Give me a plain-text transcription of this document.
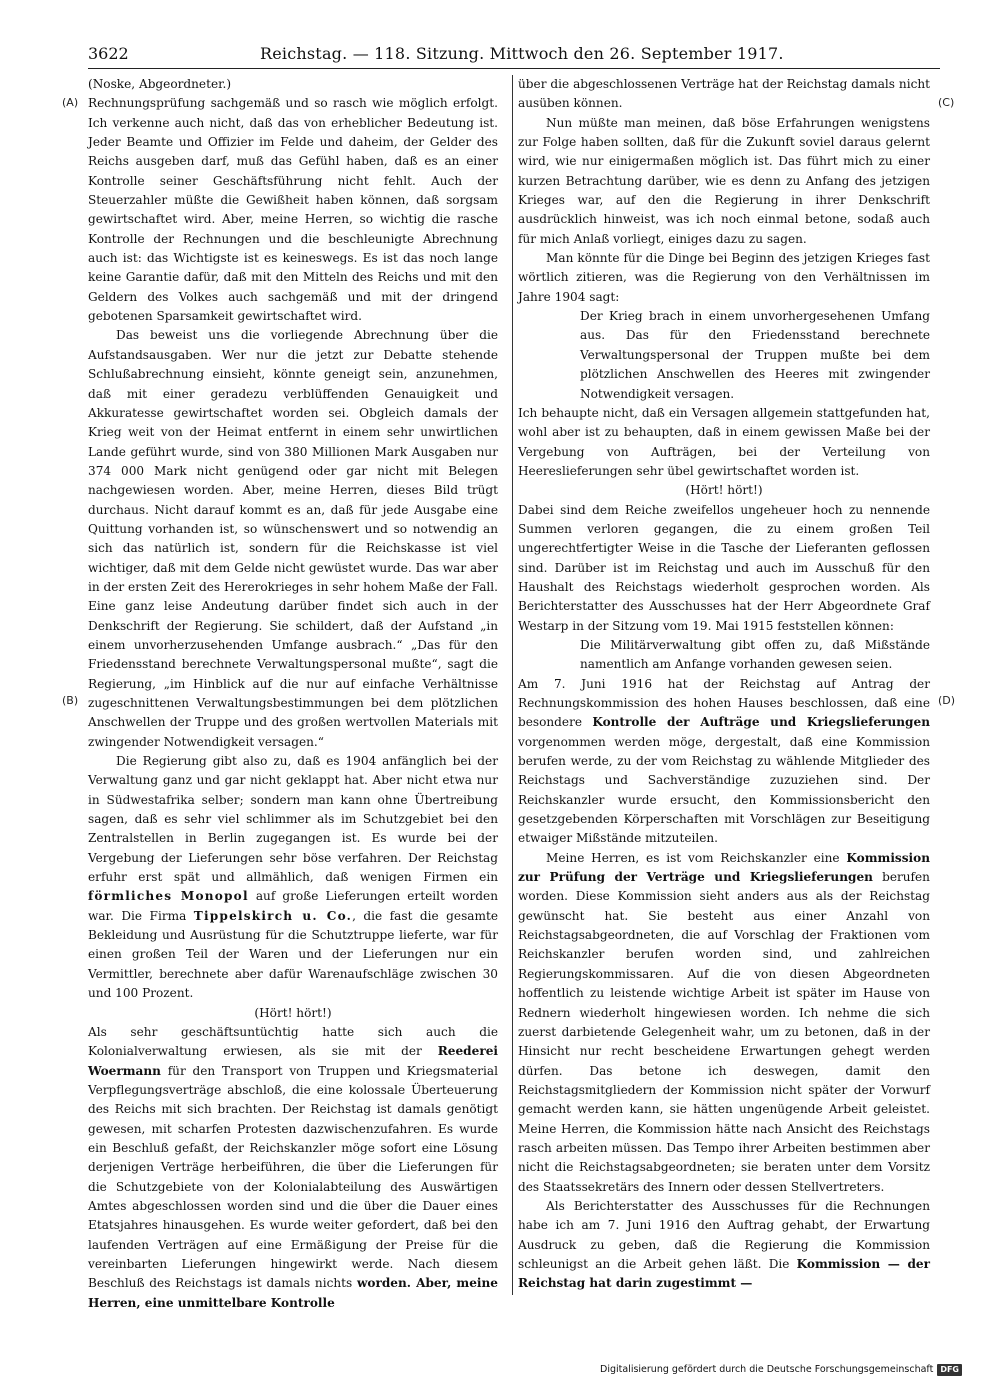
3622	Reichstag. — 118. Sitzung. Mittwoch den 26. September 1917.
(A)
(B)
(C)
(D)

(Noske, Abgeordneter.)

Rechnungsprüfung sachgemäß und so rasch wie möglich erfolgt. Ich verkenne auch nicht, daß das von erheblicher Bedeutung ist. Jeder Beamte und Offizier im Felde und daheim, der Gelder des Reichs ausgeben darf, muß das Gefühl haben, daß es an einer Kontrolle seiner Geschäftsführung nicht fehlt. Auch der Steuerzahler müßte die Gewißheit haben können, daß sorgsam gewirtschaftet wird. Aber, meine Herren, so wichtig die rasche Kontrolle der Rechnungen und die beschleunigte Abrechnung auch ist: das Wichtigste ist es keineswegs. Es ist das noch lange keine Garantie dafür, daß mit den Mitteln des Reichs und mit den Geldern des Volkes auch sachgemäß und mit der dringend gebotenen Sparsamkeit gewirtschaftet wird.

Das beweist uns die vorliegende Abrechnung über die Aufstandsausgaben. Wer nur die jetzt zur Debatte stehende Schlußabrechnung einsieht, könnte geneigt sein, anzunehmen, daß mit einer geradezu verblüffenden Genauigkeit und Akkuratesse gewirtschaftet worden sei. Obgleich damals der Krieg weit von der Heimat entfernt in einem sehr unwirtlichen Lande geführt wurde, sind von 380 Millionen Mark Ausgaben nur 374 000 Mark nicht genügend oder gar nicht mit Belegen nachgewiesen worden. Aber, meine Herren, dieses Bild trügt durchaus. Nicht darauf kommt es an, daß für jede Ausgabe eine Quittung vorhanden ist, so wünschenswert und so notwendig an sich das natürlich ist, sondern für die Reichskasse ist viel wichtiger, daß mit dem Gelde nicht gewüstet wurde. Das war aber in der ersten Zeit des Hererokrieges in sehr hohem Maße der Fall. Eine ganz leise Andeutung darüber findet sich auch in der Denkschrift der Regierung. Sie schildert, daß der Aufstand „in einem unvorherzusehenden Umfange ausbrach.“ „Das für den Friedensstand berechnete Verwaltungspersonal mußte“, sagt die Regierung, „im Hinblick auf die nur auf einfache Verhältnisse zugeschnittenen Verwaltungsbestimmungen bei dem plötzlichen Anschwellen der Truppe und des großen wertvollen Materials mit zwingender Notwendigkeit versagen.“

Die Regierung gibt also zu, daß es 1904 anfänglich bei der Verwaltung ganz und gar nicht geklappt hat. Aber nicht etwa nur in Südwestafrika selber; sondern man kann ohne Übertreibung sagen, daß es sehr viel schlimmer als im Schutzgebiet bei den Zentralstellen in Berlin zugegangen ist. Es wurde bei der Vergebung der Lieferungen sehr böse verfahren. Der Reichstag erfuhr erst spät und allmählich, daß wenigen Firmen ein förmliches Monopol auf große Lieferungen erteilt worden war. Die Firma Tippelskirch u. Co., die fast die gesamte Bekleidung und Ausrüstung für die Schutztruppe lieferte, war für einen großen Teil der Waren und der Lieferungen nur ein Vermittler, berechnete aber dafür Warenaufschläge zwischen 30 und 100 Prozent.

(Hört! hört!)

Als sehr geschäftsuntüchtig hatte sich auch die Kolonialverwaltung erwiesen, als sie mit der Reederei Woermann für den Transport von Truppen und Kriegsmaterial Verpflegungsverträge abschloß, die eine kolossale Überteuerung des Reichs mit sich brachten. Der Reichstag ist damals genötigt gewesen, mit scharfen Protesten dazwischenzufahren. Es wurde ein Beschluß gefaßt, der Reichskanzler möge sofort eine Lösung derjenigen Verträge herbeiführen, die über die Lieferungen für die Schutzgebiete von der Kolonialabteilung des Auswärtigen Amtes abgeschlossen worden sind und die über die Dauer eines Etatsjahres hinausgehen. Es wurde weiter gefordert, daß bei den laufenden Verträgen auf eine Ermäßigung der Preise für die vereinbarten Lieferungen hingewirkt werde. Nach diesem Beschluß des Reichstags ist damals nichts worden. Aber, meine Herren, eine unmittelbare Kontrolle

über die abgeschlossenen Verträge hat der Reichstag damals nicht ausüben können.

Nun müßte man meinen, daß böse Erfahrungen wenigstens zur Folge haben sollten, daß für die Zukunft soviel daraus gelernt wird, wie nur einigermaßen möglich ist. Das führt mich zu einer kurzen Betrachtung darüber, wie es denn zu Anfang des jetzigen Krieges war, auf den die Regierung in ihrer Denkschrift ausdrücklich hinweist, was ich noch einmal betone, sodaß auch für mich Anlaß vorliegt, einiges dazu zu sagen.

Man könnte für die Dinge bei Beginn des jetzigen Krieges fast wörtlich zitieren, was die Regierung von den Verhältnissen im Jahre 1904 sagt:

Der Krieg brach in einem unvorhergesehenen Umfang aus. Das für den Friedensstand berechnete Verwaltungspersonal der Truppen mußte bei dem plötzlichen Anschwellen des Heeres mit zwingender Notwendigkeit versagen.

Ich behaupte nicht, daß ein Versagen allgemein stattgefunden hat, wohl aber ist zu behaupten, daß in einem gewissen Maße bei der Vergebung von Aufträgen, bei der Verteilung von Heereslieferungen sehr übel gewirtschaftet worden ist.

(Hört! hört!)

Dabei sind dem Reiche zweifellos ungeheuer hoch zu nennende Summen verloren gegangen, die zu einem großen Teil ungerechtfertigter Weise in die Tasche der Lieferanten geflossen sind. Darüber ist im Reichstag und auch im Ausschuß für den Haushalt des Reichstags wiederholt gesprochen worden. Als Berichterstatter des Ausschusses hat der Herr Abgeordnete Graf Westarp in der Sitzung vom 19. Mai 1915 feststellen können:

Die Militärverwaltung gibt offen zu, daß Mißstände namentlich am Anfange vorhanden gewesen seien.

Am 7. Juni 1916 hat der Reichstag auf Antrag der Rechnungskommission des hohen Hauses beschlossen, daß eine besondere Kontrolle der Aufträge und Kriegslieferungen vorgenommen werden möge, dergestalt, daß eine Kommission berufen werde, zu der vom Reichstag zu wählende Mitglieder des Reichstags und Sachverständige zuzuziehen sind. Der Reichskanzler wurde ersucht, den Kommissionsbericht den gesetzgebenden Körperschaften mit Vorschlägen zur Beseitigung etwaiger Mißstände mitzuteilen.

Meine Herren, es ist vom Reichskanzler eine Kommission zur Prüfung der Verträge und Kriegslieferungen berufen worden. Diese Kommission sieht anders aus als der Reichstag gewünscht hat. Sie besteht aus einer Anzahl von Reichstagsabgeordneten, die auf Vorschlag der Fraktionen vom Reichskanzler berufen worden sind, und zahlreichen Regierungskommissaren. Auf die von diesen Abgeordneten hoffentlich zu leistende wichtige Arbeit ist später im Hause von Rednern wiederholt hingewiesen worden. Ich nehme die sich zuerst darbietende Gelegenheit wahr, um zu betonen, daß in der Hinsicht nur recht bescheidene Erwartungen gehegt werden dürfen. Das betone ich deswegen, damit den Reichstagsmitgliedern der Kommission nicht später der Vorwurf gemacht werden kann, sie hätten ungenügende Arbeit geleistet. Meine Herren, die Kommission hätte nach Ansicht des Reichstags rasch arbeiten müssen. Das Tempo ihrer Arbeiten bestimmen aber nicht die Reichstagsabgeordneten; sie beraten unter dem Vorsitz des Staatssekretärs des Innern oder dessen Stellvertreters.

Als Berichterstatter des Ausschusses für die Rechnungen habe ich am 7. Juni 1916 den Auftrag gehabt, der Erwartung Ausdruck zu geben, daß die Regierung die Kommission schleunigst an die Arbeit gehen läßt. Die Kommission — der Reichstag hat darin zugestimmt —

Digitalisierung gefördert durch die Deutsche Forschungsgemeinschaft DFG
